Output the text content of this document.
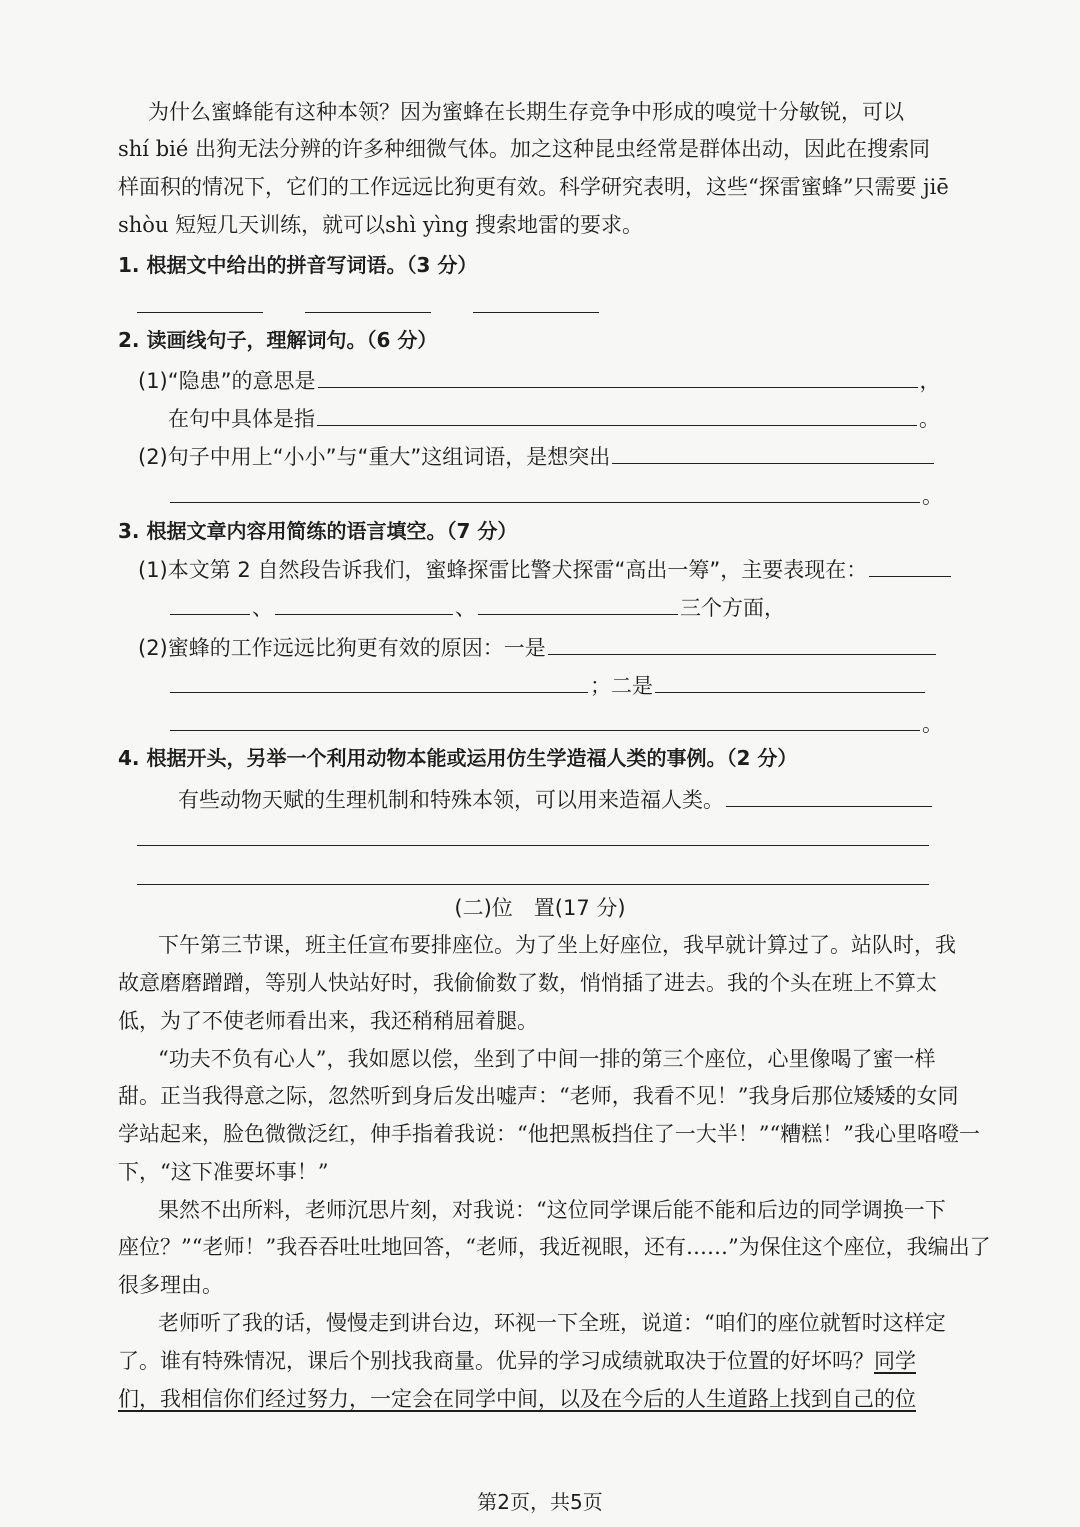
为什么蜜蜂能有这种本领？因为蜜蜂在长期生存竞争中形成的嗅觉十分敏锐，可以
shí bié 出狗无法分辨的许多种细微气体。加之这种昆虫经常是群体出动，因此在搜索同
样面积的情况下，它们的工作远远比狗更有效。科学研究表明，这些“探雷蜜蜂”只需要 jiē
shòu 短短几天训练，就可以shì yìng 搜索地雷的要求。
1. 根据文中给出的拼音写词语。（3 分）
2. 读画线句子，理解词句。（6 分）
(1)“隐患”的意思是	，
在句中具体是指	。
(2)句子中用上“小小”与“重大”这组词语，是想突出
。
3. 根据文章内容用简练的语言填空。（7 分）
(1)本文第 2 自然段告诉我们，蜜蜂探雷比警犬探雷“高出一筹”，主要表现在：
、	、	三个方面，
(2)蜜蜂的工作远远比狗更有效的原因：一是
；二是
。
4. 根据开头，另举一个利用动物本能或运用仿生学造福人类的事例。（2 分）
有些动物天赋的生理机制和特殊本领，可以用来造福人类。
(二)位　置(17 分)
下午第三节课，班主任宣布要排座位。为了坐上好座位，我早就计算过了。站队时，我
故意磨磨蹭蹭，等别人快站好时，我偷偷数了数，悄悄插了进去。我的个头在班上不算太
低，为了不使老师看出来，我还稍稍屈着腿。
“功夫不负有心人”，我如愿以偿，坐到了中间一排的第三个座位，心里像喝了蜜一样
甜。正当我得意之际，忽然听到身后发出嘘声：“老师，我看不见！”我身后那位矮矮的女同
学站起来，脸色微微泛红，伸手指着我说：“他把黑板挡住了一大半！”“糟糕！”我心里咯噔一
下，“这下准要坏事！”
果然不出所料，老师沉思片刻，对我说：“这位同学课后能不能和后边的同学调换一下
座位？”“老师！”我吞吞吐吐地回答，“老师，我近视眼，还有……”为保住这个座位，我编出了
很多理由。
老师听了我的话，慢慢走到讲台边，环视一下全班，说道：“咱们的座位就暂时这样定
了。谁有特殊情况，课后个别找我商量。优异的学习成绩就取决于位置的好坏吗？同学
们，我相信你们经过努力，一定会在同学中间，以及在今后的人生道路上找到自己的位
第2页，共5页
